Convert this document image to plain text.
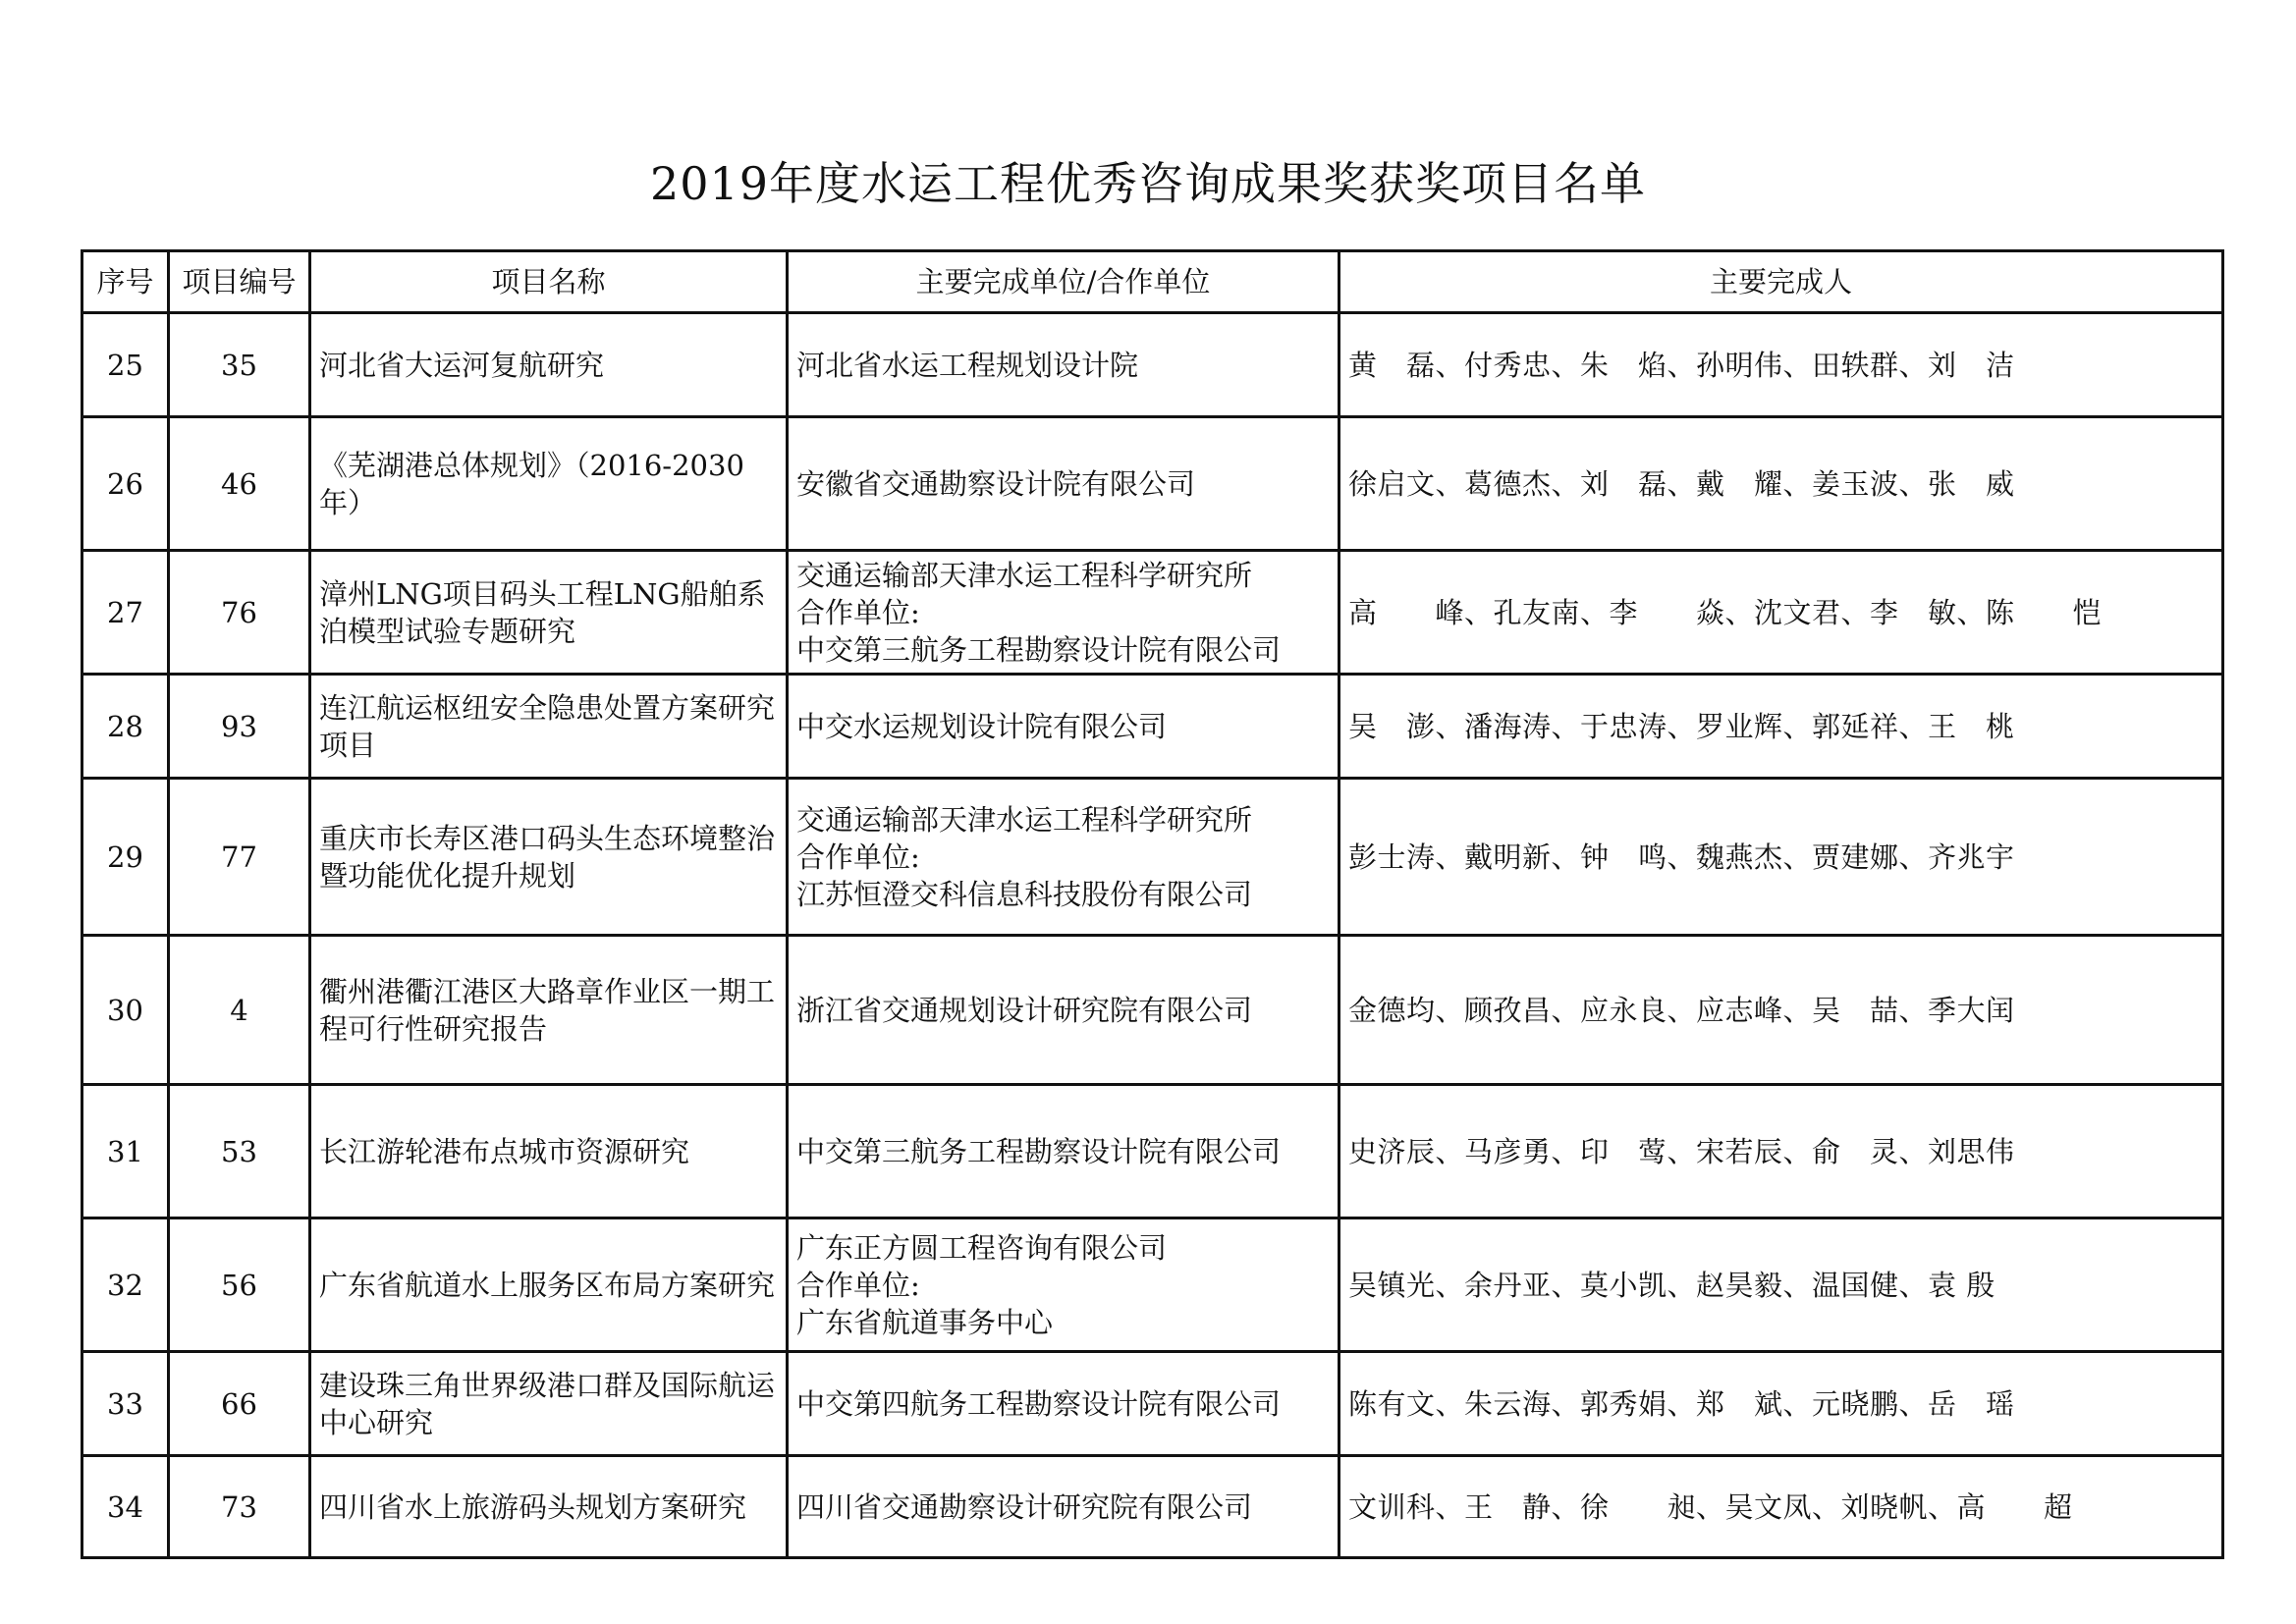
2019年度水运工程优秀咨询成果奖获奖项目名单
序号	项目编号	项目名称	主要完成单位/合作单位	主要完成人
25	35	河北省大运河复航研究	河北省水运工程规划设计院	黄　磊、付秀忠、朱　焰、孙明伟、田轶群、刘　洁
26	46	《芜湖港总体规划》（2016-2030年）	安徽省交通勘察设计院有限公司	徐启文、葛德杰、刘　磊、戴　耀、姜玉波、张　威
27	76	漳州LNG项目码头工程LNG船舶系泊模型试验专题研究	交通运输部天津水运工程科学研究所
合作单位:
中交第三航务工程勘察设计院有限公司	高　　峰、孔友南、李　　焱、沈文君、李　敏、陈　　恺
28	93	连江航运枢纽安全隐患处置方案研究项目	中交水运规划设计院有限公司	吴　澎、潘海涛、于忠涛、罗业辉、郭延祥、王　桃
29	77	重庆市长寿区港口码头生态环境整治暨功能优化提升规划	交通运输部天津水运工程科学研究所
合作单位:
江苏恒澄交科信息科技股份有限公司	彭士涛、戴明新、钟　鸣、魏燕杰、贾建娜、齐兆宇
30	4	衢州港衢江港区大路章作业区一期工程可行性研究报告	浙江省交通规划设计研究院有限公司	金德均、顾孜昌、应永良、应志峰、吴　喆、季大闰
31	53	长江游轮港布点城市资源研究	中交第三航务工程勘察设计院有限公司	史济辰、马彦勇、印　莺、宋若辰、俞　灵、刘思伟
32	56	广东省航道水上服务区布局方案研究	广东正方圆工程咨询有限公司
合作单位:
广东省航道事务中心	吴镇光、余丹亚、莫小凯、赵昊毅、温国健、袁 殷
33	66	建设珠三角世界级港口群及国际航运中心研究	中交第四航务工程勘察设计院有限公司	陈有文、朱云海、郭秀娟、郑　斌、元晓鹏、岳　瑶
34	73	四川省水上旅游码头规划方案研究	四川省交通勘察设计研究院有限公司	文训科、王　静、徐　　昶、吴文凤、刘晓帆、高　　超
